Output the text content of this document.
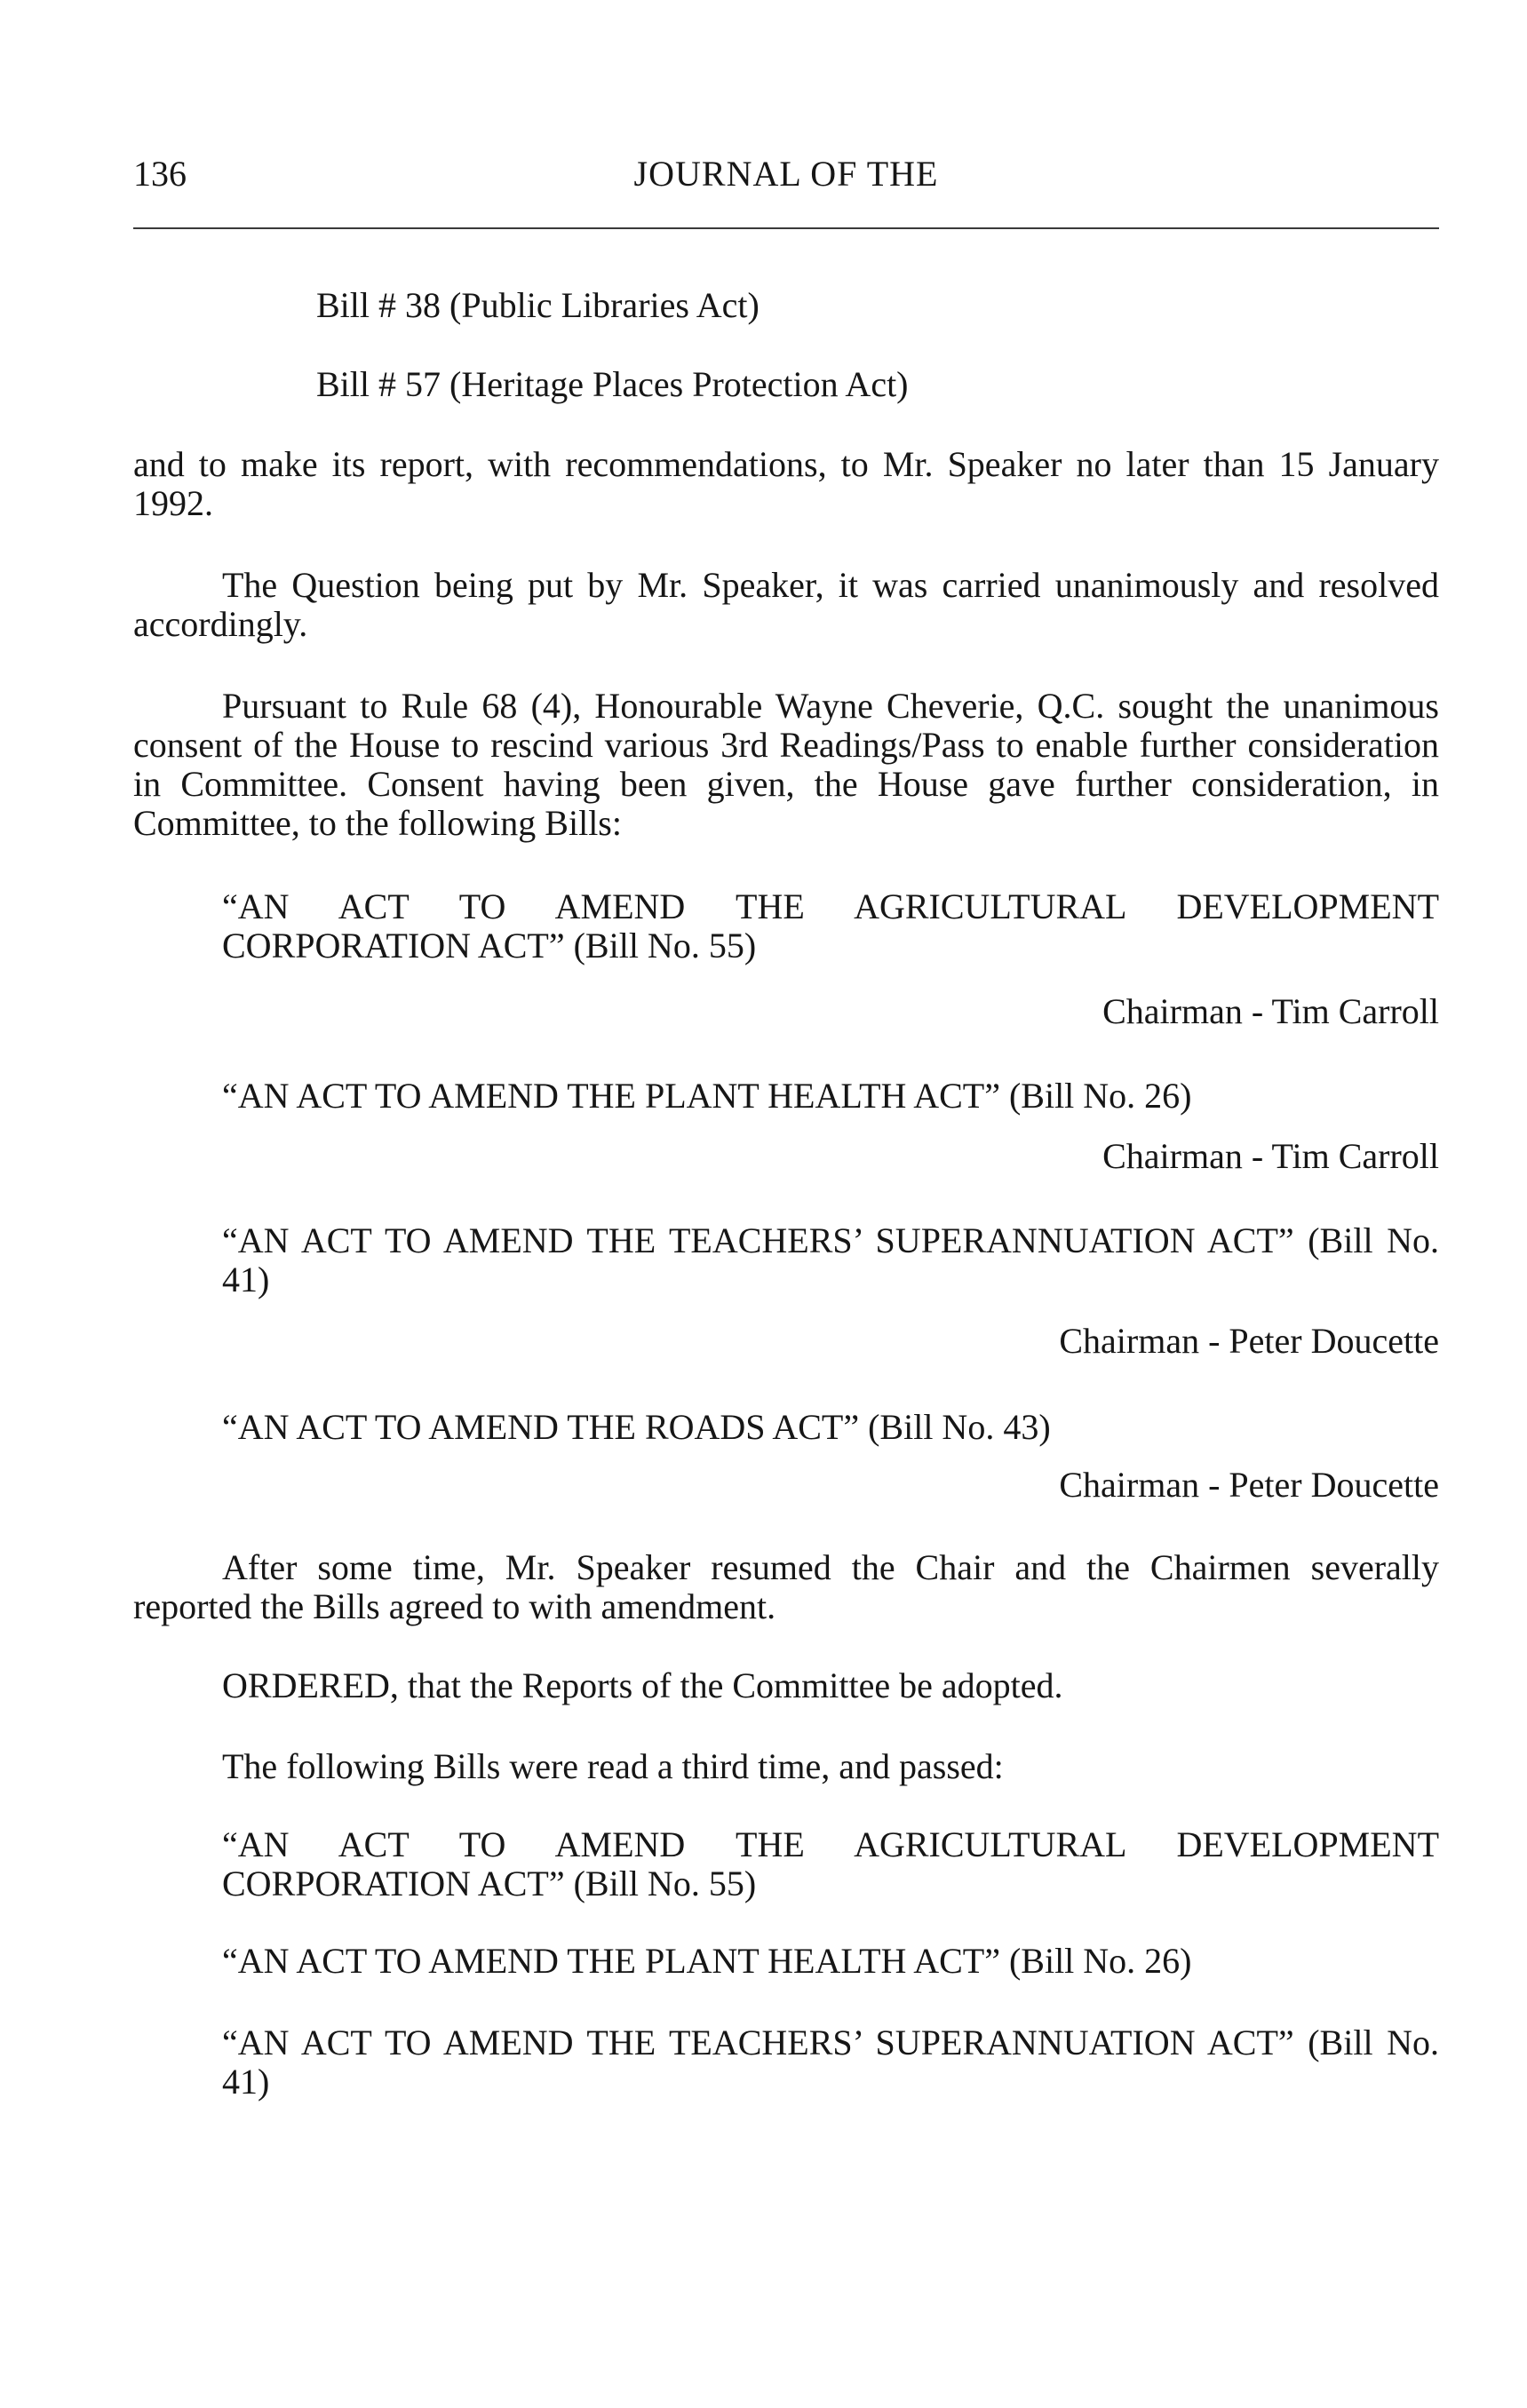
136	JOURNAL OF THE

Bill # 38 (Public Libraries Act)

Bill # 57 (Heritage Places Protection Act)

and to make its report, with recommendations, to Mr. Speaker no later than 15 January 1992.

The Question being put by Mr. Speaker, it was carried unanimously and resolved accordingly.

Pursuant to Rule 68 (4), Honourable Wayne Cheverie, Q.C. sought the unanimous consent of the House to rescind various 3rd Readings/Pass to enable further consideration in Committee. Consent having been given, the House gave further consideration, in Committee, to the following Bills:

“AN ACT TO AMEND THE AGRICULTURAL DEVELOPMENT CORPORATION ACT” (Bill No. 55)

Chairman - Tim Carroll

“AN ACT TO AMEND THE PLANT HEALTH ACT” (Bill No. 26)

Chairman - Tim Carroll

“AN ACT TO AMEND THE TEACHERS’ SUPERANNUATION ACT” (Bill No. 41)

Chairman - Peter Doucette

“AN ACT TO AMEND THE ROADS ACT” (Bill No. 43)

Chairman - Peter Doucette

After some time, Mr. Speaker resumed the Chair and the Chairmen severally reported the Bills agreed to with amendment.

ORDERED, that the Reports of the Committee be adopted.

The following Bills were read a third time, and passed:

“AN ACT TO AMEND THE AGRICULTURAL DEVELOPMENT CORPORATION ACT” (Bill No. 55)

“AN ACT TO AMEND THE PLANT HEALTH ACT” (Bill No. 26)

“AN ACT TO AMEND THE TEACHERS’ SUPERANNUATION ACT” (Bill No. 41)
